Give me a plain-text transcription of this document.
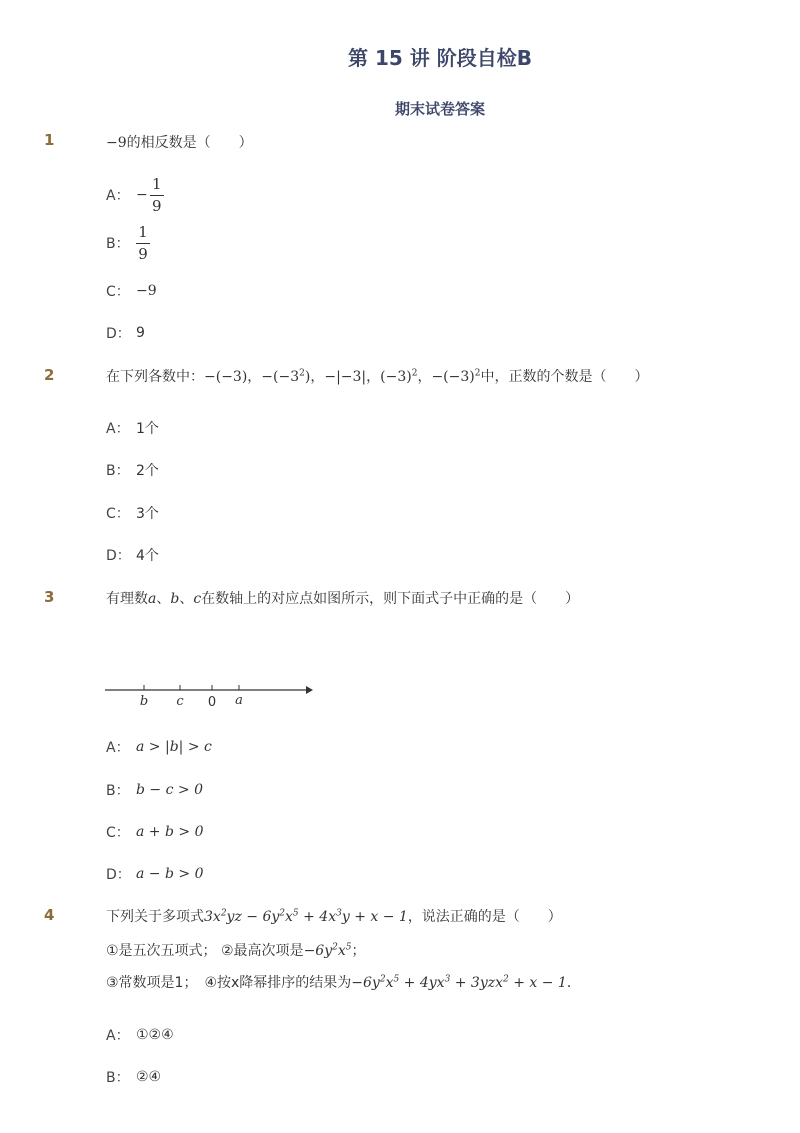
第 15 讲 阶段自检B
期末试卷答案
1	−9的相反数是（　　）
A： − $\frac{1}{9}$
B： $\frac{1}{9}$
C： −9
D： 9
2	在下列各数中：−(−3)，$-(-3^2)$，−|−3|，$(-3)^2$，$-(-3)^2$中，正数的个数是（　　）
A： 1个
B： 2个
C： 3个
D： 4个
3	有理数a、b、c在数轴上的对应点如图所示，则下面式子中正确的是（　　）
b c 0 a
A： a > |b| > c
B： b − c > 0
C： a + b > 0
D： a − b > 0
4	下列关于多项式$3x^2yz - 6y^2x^5 + 4x^3y + x - 1$，说法正确的是（　　）
①是五次五项式； ②最高次项是$-6y^2x^5$；
③常数项是1；　④按x降幂排序的结果为$-6y^2x^5 + 4yx^3 + 3yzx^2 + x - 1$．
A： ①②④
B： ②④
